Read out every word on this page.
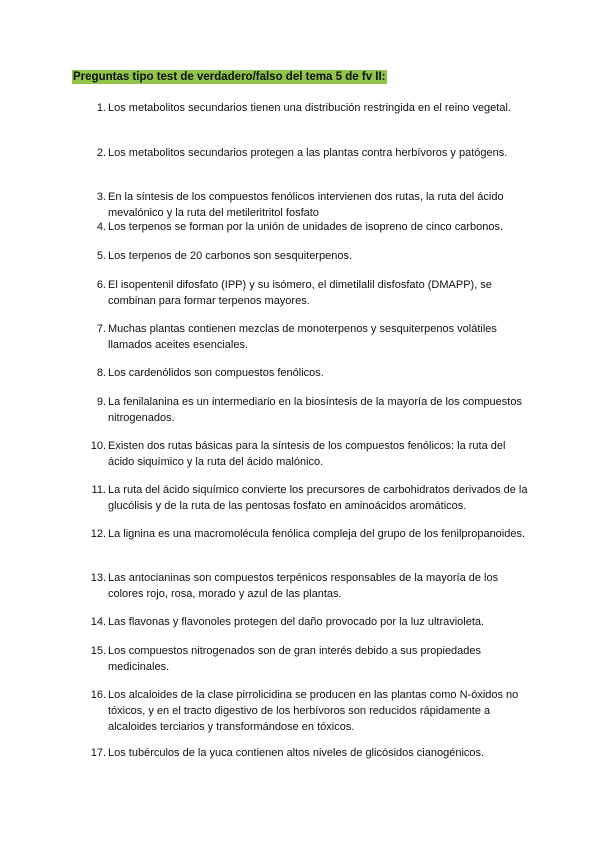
Preguntas tipo test de verdadero/falso del tema 5 de fv II:
1. Los metabolitos secundarios tienen una distribución restringida en el reino vegetal.
2. Los metabolitos secundarios protegen a las plantas contra herbívoros y patógens.
3. En la síntesis de los compuestos fenólicos intervienen dos rutas, la ruta del ácido mevalónico y la ruta del metileritritol fosfato
4. Los terpenos se forman por la unión de unidades de isopreno de cinco carbonos.
5. Los terpenos de 20 carbonos son sesquiterpenos.
6. El isopentenil difosfato (IPP) y su isómero, el dimetilalil disfosfato (DMAPP), se combinan para formar terpenos mayores.
7. Muchas plantas contienen mezclas de monoterpenos y sesquiterpenos volátiles llamados aceites esenciales.
8. Los cardenólidos son compuestos fenólicos.
9. La fenilalanina es un intermediario en la biosíntesis de la mayoría de los compuestos nitrogenados.
10. Existen dos rutas básicas para la síntesis de los compuestos fenólicos: la ruta del ácido siquímico y la ruta del ácido malónico.
11. La ruta del ácido siquímico convierte los precursores de carbohidratos derivados de la glucólisis y de la ruta de las pentosas fosfato en aminoácidos aromáticos.
12. La lignina es una macromolécula fenólica compleja del grupo de los fenilpropanoides.
13. Las antocianinas son compuestos terpénicos responsables de la mayoría de los colores rojo, rosa, morado y azul de las plantas.
14. Las flavonas y flavonoles protegen del daño provocado por la luz ultravioleta.
15. Los compuestos nitrogenados son de gran interés debido a sus propiedades medicinales.
16. Los alcaloides de la clase pirrolicidina se producen en las plantas como N-óxidos no tóxicos, y en el tracto digestivo de los herbívoros son reducidos rápidamente a alcaloides terciarios y transformándose en tóxicos.
17. Los tubérculos de la yuca contienen altos niveles de glicósidos cianogénicos.
